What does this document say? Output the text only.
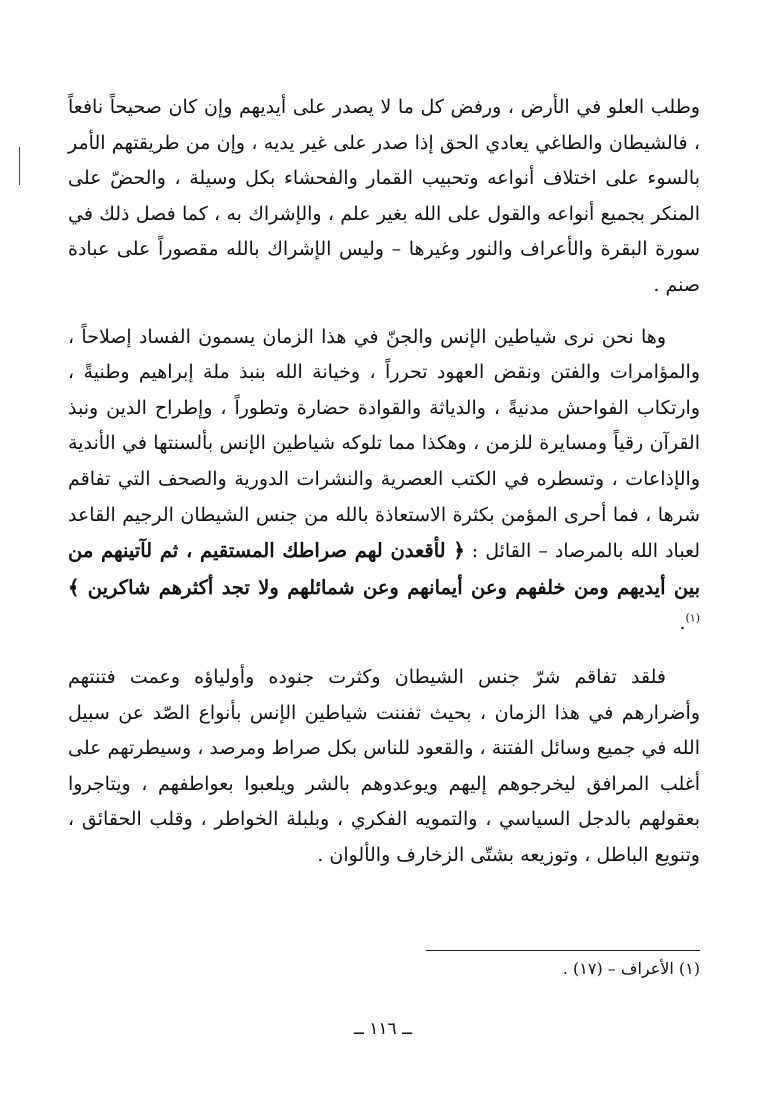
وطلب العلو في الأرض ، ورفض كل ما لا يصدر على أيديهم وإن كان صحيحاً نافعاً ، فالشيطان والطاغي يعادي الحق إذا صدر على غير يديه ، وإن من طريقتهم الأمر بالسوء على اختلاف أنواعه وتحبيب القمار والفحشاء بكل وسيلة ، والحضّ على المنكر بجميع أنواعه والقول على الله بغير علم ، والإشراك به ، كما فصل ذلك في سورة البقرة والأعراف والنور وغيرها – وليس الإشراك بالله مقصوراً على عبادة صنم .

وها نحن نرى شياطين الإنس والجنّ في هذا الزمان يسمون الفساد إصلاحاً ، والمؤامرات والفتن ونقض العهود تحرراً ، وخيانة الله بنبذ ملة إبراهيم وطنيةً ، وارتكاب الفواحش مدنيةً ، والدياثة والقوادة حضارة وتطوراً ، وإطراح الدين ونبذ القرآن رقياً ومسايرة للزمن ، وهكذا مما تلوكه شياطين الإنس بألسنتها في الأندية والإذاعات ، وتسطره في الكتب العصرية والنشرات الدورية والصحف التي تفاقم شرها ، فما أحرى المؤمن بكثرة الاستعاذة بالله من جنس الشيطان الرجيم القاعد لعباد الله بالمرصاد – القائل : ﴿ لأقعدن لهم صراطك المستقيم ، ثم لآتينهم من بين أيديهم ومن خلفهم وعن أيمانهم وعن شمائلهم ولا تجد أكثرهم شاكرين ﴾$^{(١)}$.

فلقد تفاقم شرّ جنس الشيطان وكثرت جنوده وأولياؤه وعمت فتنتهم وأضرارهم في هذا الزمان ، بحيث تفننت شياطين الإنس بأنواع الصّد عن سبيل الله في جميع وسائل الفتنة ، والقعود للناس بكل صراط ومرصد ، وسيطرتهم على أغلب المرافق ليخرجوهم إليهم ويوعدوهم بالشر ويلعبوا بعواطفهم ، ويتاجروا بعقولهم بالدجل السياسي ، والتمويه الفكري ، وبلبلة الخواطر ، وقلب الحقائق ، وتنويع الباطل ، وتوزيعه بشتّى الزخارف والألوان .

(١) الأعراف – (١٧) .
ــ ١١٦ ــ
